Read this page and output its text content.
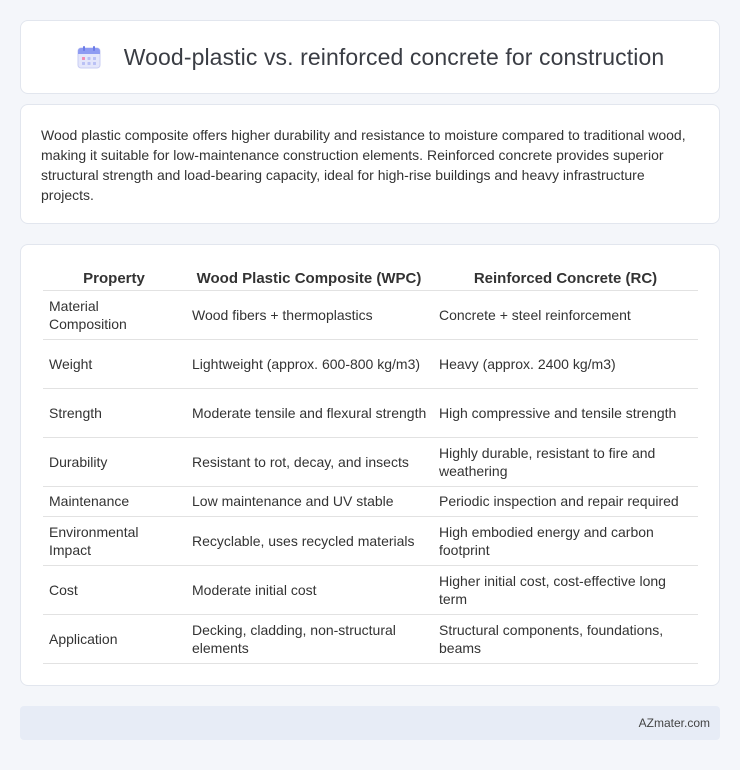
Wood-plastic vs. reinforced concrete for construction

Wood plastic composite offers higher durability and resistance to moisture compared to traditional wood, making it suitable for low-maintenance construction elements. Reinforced concrete provides superior structural strength and load-bearing capacity, ideal for high-rise buildings and heavy infrastructure projects.

Property	Wood Plastic Composite (WPC)	Reinforced Concrete (RC)
Material Composition	Wood fibers + thermoplastics	Concrete + steel reinforcement
Weight	Lightweight (approx. 600-800 kg/m3)	Heavy (approx. 2400 kg/m3)
Strength	Moderate tensile and flexural strength	High compressive and tensile strength
Durability	Resistant to rot, decay, and insects	Highly durable, resistant to fire and weathering
Maintenance	Low maintenance and UV stable	Periodic inspection and repair required
Environmental Impact	Recyclable, uses recycled materials	High embodied energy and carbon footprint
Cost	Moderate initial cost	Higher initial cost, cost-effective long term
Application	Decking, cladding, non-structural elements	Structural components, foundations, beams
AZmater.com
